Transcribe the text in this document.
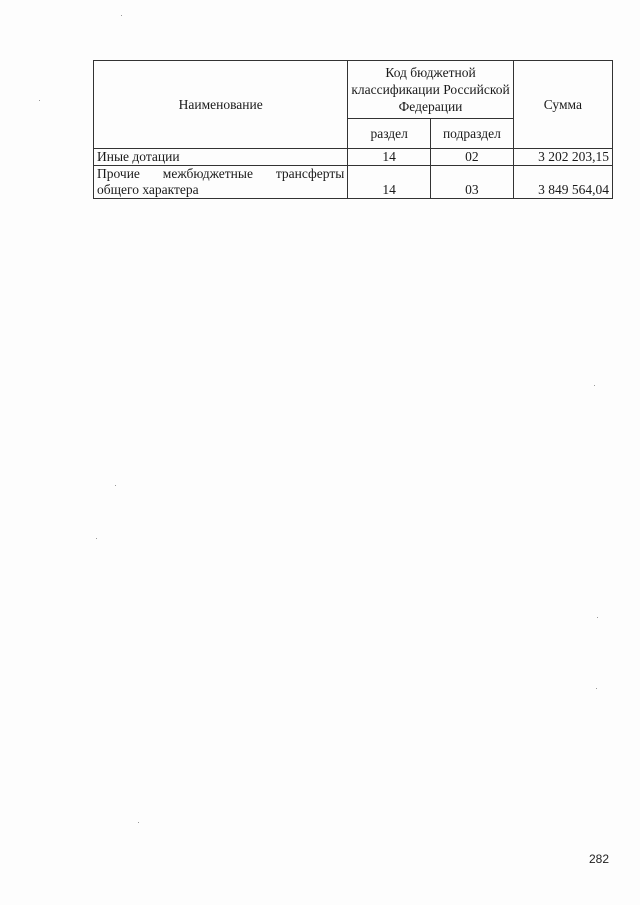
Наименование	Код бюджетной классификации Российской Федерации		Сумма
	раздел	подраздел	
Иные дотации	14	02	3 202 203,15
Прочие межбюджетные трансферты общего характера	14	03	3 849 564,04
282
